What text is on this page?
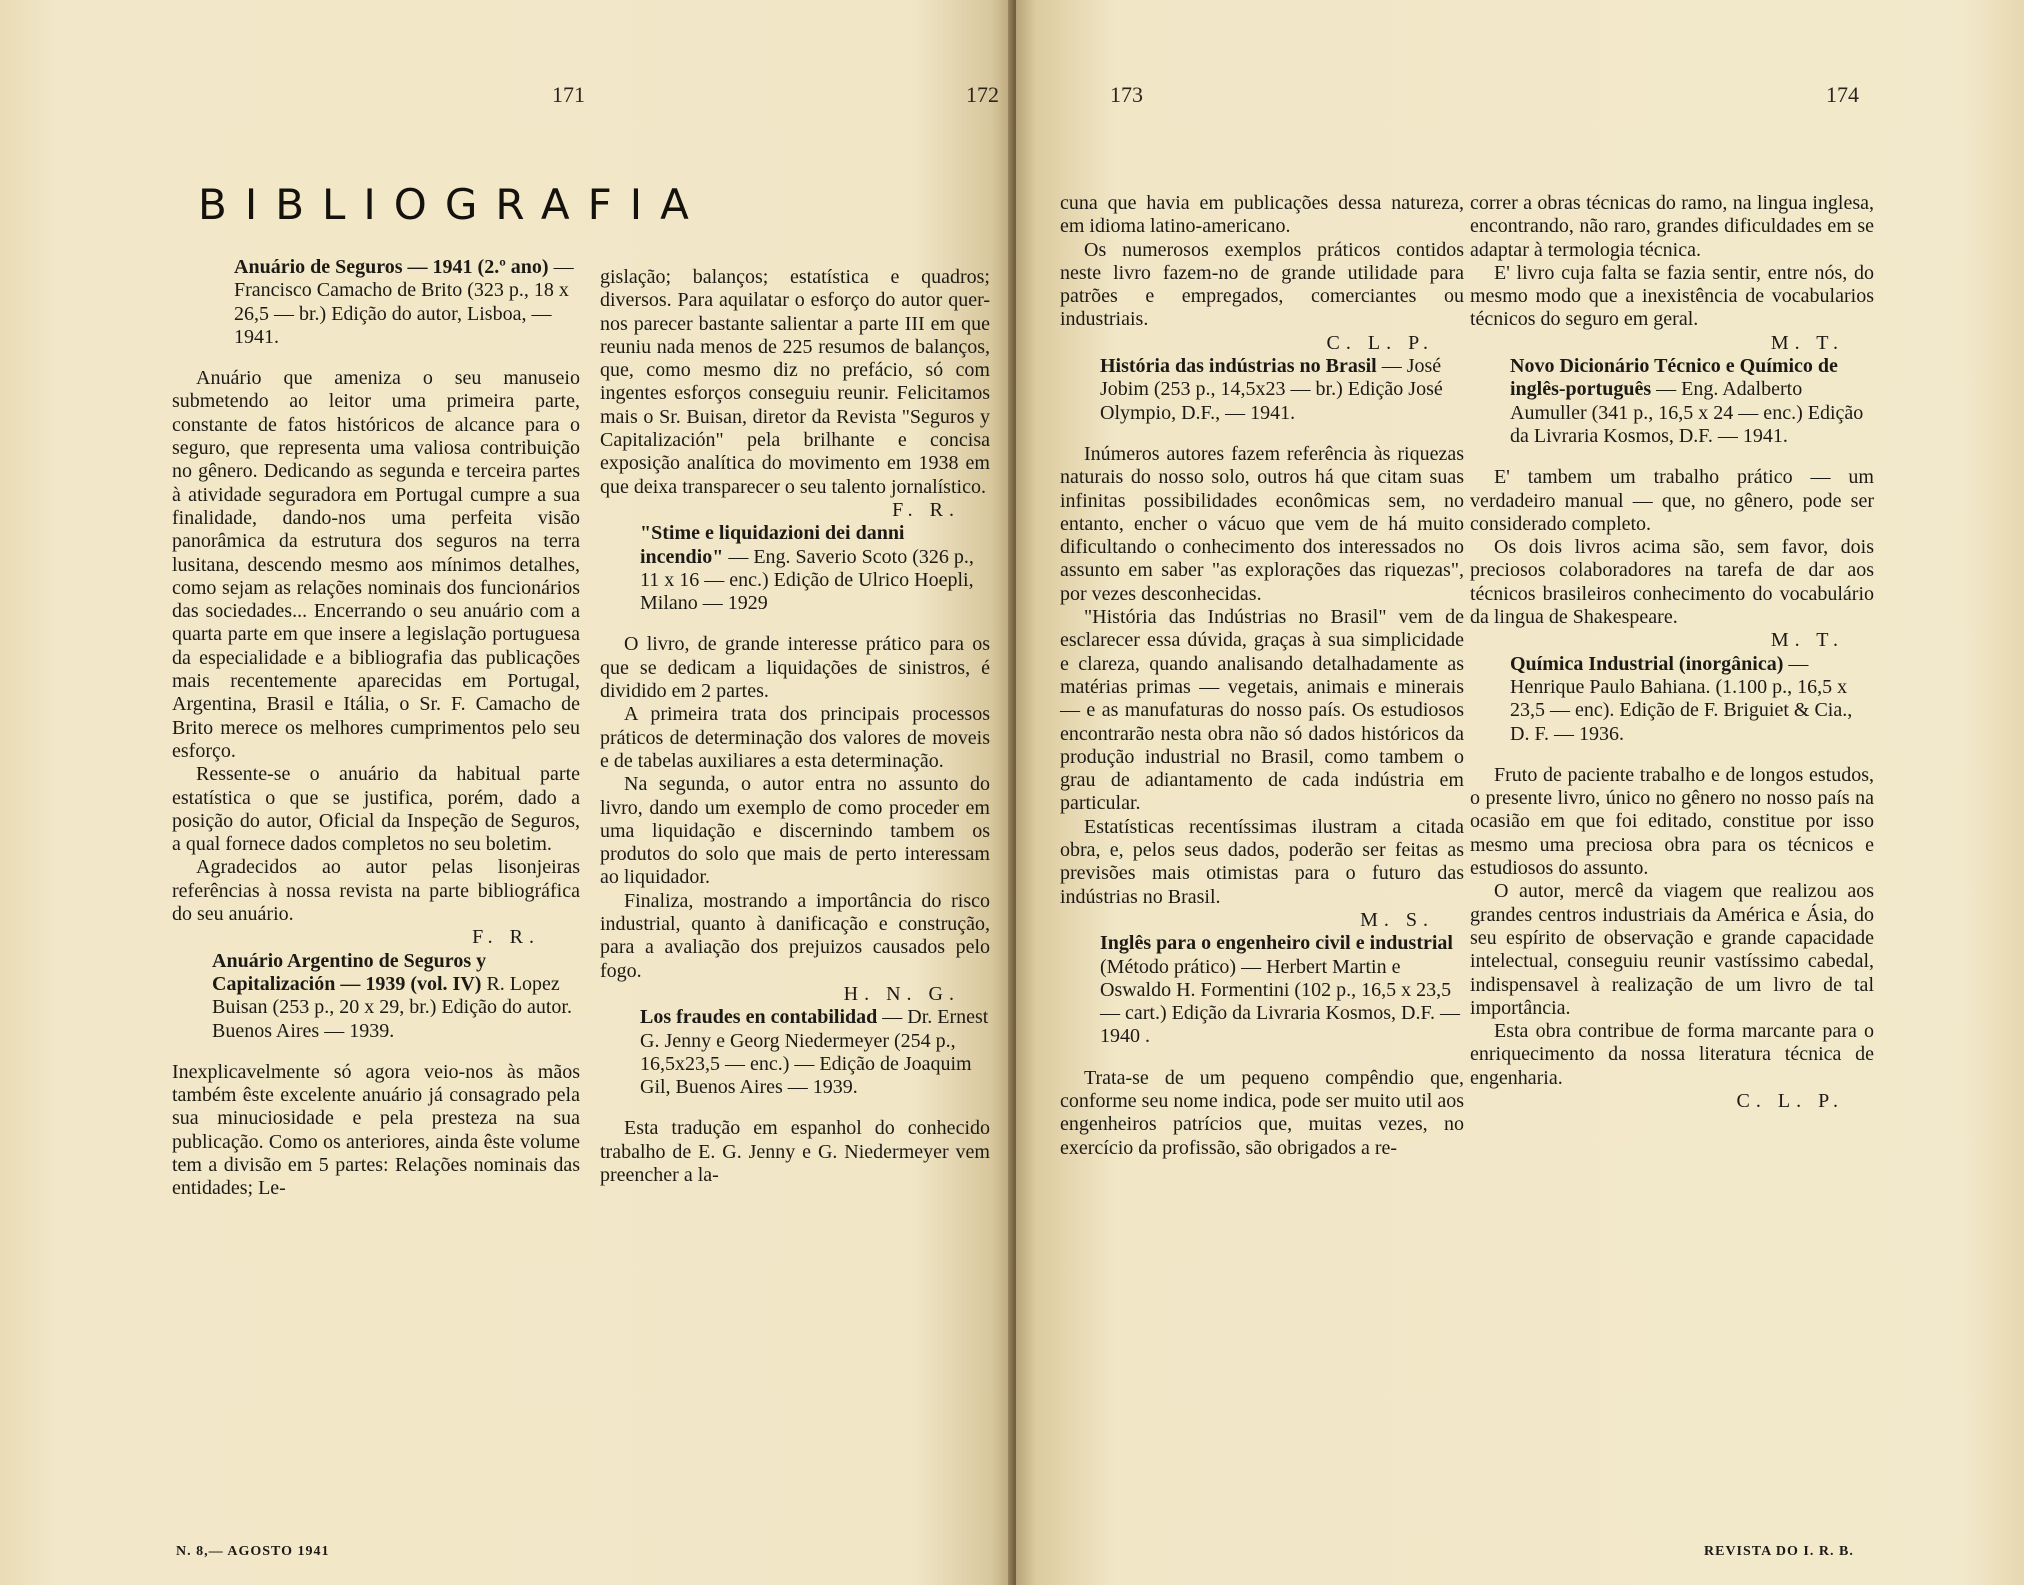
171	172
BIBLIOGRAFIA
Anuário de Seguros — 1941 (2.º ano) — Francisco Camacho de Brito (323 p., 18 x 26,5 — br.) Edição do autor, Lisboa, — 1941.

Anuário que ameniza o seu manuseio submetendo ao leitor uma primeira parte, constante de fatos históricos de alcance para o seguro, que representa uma valiosa contribuição no gênero. Dedicando as segunda e terceira partes à atividade seguradora em Portugal cumpre a sua finalidade, dando-nos uma perfeita visão panorâmica da estrutura dos seguros na terra lusitana, descendo mesmo aos mínimos detalhes, como sejam as relações nominais dos funcionários das sociedades... Encerrando o seu anuário com a quarta parte em que insere a legislação portuguesa da especialidade e a bibliografia das publicações mais recentemente aparecidas em Portugal, Argentina, Brasil e Itália, o Sr. F. Camacho de Brito merece os melhores cumprimentos pelo seu esforço.

Ressente-se o anuário da habitual parte estatística o que se justifica, porém, dado a posição do autor, Oficial da Inspeção de Seguros, a qual fornece dados completos no seu boletim.

Agradecidos ao autor pelas lisonjeiras referências à nossa revista na parte bibliográfica do seu anuário.

F. R.

Anuário Argentino de Seguros y Capitalización — 1939 (vol. IV) R. Lopez Buisan (253 p., 20 x 29, br.) Edição do autor. Buenos Aires — 1939.

Inexplicavelmente só agora veio-nos às mãos também êste excelente anuário já consagrado pela sua minuciosidade e pela presteza na sua publicação. Como os anteriores, ainda êste volume tem a divisão em 5 partes: Relações nominais das entidades; Le-

gislação; balanços; estatística e quadros; diversos. Para aquilatar o esforço do autor quer-nos parecer bastante salientar a parte III em que reuniu nada menos de 225 resumos de balanços, que, como mesmo diz no prefácio, só com ingentes esforços conseguiu reunir. Felicitamos mais o Sr. Buisan, diretor da Revista "Seguros y Capitalización" pela brilhante e concisa exposição analítica do movimento em 1938 em que deixa transparecer o seu talento jornalístico.

F. R.

"Stime e liquidazioni dei danni incendio" — Eng. Saverio Scoto (326 p., 11 x 16 — enc.) Edição de Ulrico Hoepli, Milano — 1929

O livro, de grande interesse prático para os que se dedicam a liquidações de sinistros, é dividido em 2 partes.

A primeira trata dos principais processos práticos de determinação dos valores de moveis e de tabelas auxiliares a esta determinação.

Na segunda, o autor entra no assunto do livro, dando um exemplo de como proceder em uma liquidação e discernindo tambem os produtos do solo que mais de perto interessam ao liquidador.

Finaliza, mostrando a importância do risco industrial, quanto à danificação e construção, para a avaliação dos prejuizos causados pelo fogo.

H. N. G.

Los fraudes en contabilidad — Dr. Ernest G. Jenny e Georg Niedermeyer (254 p., 16,5x23,5 — enc.) — Edição de Joaquim Gil, Buenos Aires — 1939.

Esta tradução em espanhol do conhecido trabalho de E. G. Jenny e G. Niedermeyer vem preencher a la-

N. 8,— AGOSTO 1941
173	174

cuna que havia em publicações dessa natureza, em idioma latino-americano.

Os numerosos exemplos práticos contidos neste livro fazem-no de grande utilidade para patrões e empregados, comerciantes ou industriais.

C. L. P.

História das indústrias no Brasil — José Jobim (253 p., 14,5x23 — br.) Edição José Olympio, D.F., — 1941.

Inúmeros autores fazem referência às riquezas naturais do nosso solo, outros há que citam suas infinitas possibilidades econômicas sem, no entanto, encher o vácuo que vem de há muito dificultando o conhecimento dos interessados no assunto em saber "as explorações das riquezas", por vezes desconhecidas.

"História das Indústrias no Brasil" vem de esclarecer essa dúvida, graças à sua simplicidade e clareza, quando analisando detalhadamente as matérias primas — vegetais, animais e minerais — e as manufaturas do nosso país. Os estudiosos encontrarão nesta obra não só dados históricos da produção industrial no Brasil, como tambem o grau de adiantamento de cada indústria em particular.

Estatísticas recentíssimas ilustram a citada obra, e, pelos seus dados, poderão ser feitas as previsões mais otimistas para o futuro das indústrias no Brasil.

M. S.

Inglês para o engenheiro civil e industrial (Método prático) — Herbert Martin e Oswaldo H. Formentini (102 p., 16,5 x 23,5 — cart.) Edição da Livraria Kosmos, D.F. — 1940 .

Trata-se de um pequeno compêndio que, conforme seu nome indica, pode ser muito util aos engenheiros patrícios que, muitas vezes, no exercício da profissão, são obrigados a re-

correr a obras técnicas do ramo, na lingua inglesa, encontrando, não raro, grandes dificuldades em se adaptar à termologia técnica.

E' livro cuja falta se fazia sentir, entre nós, do mesmo modo que a inexistência de vocabularios técnicos do seguro em geral.

M. T.

Novo Dicionário Técnico e Químico de inglês-português — Eng. Adalberto Aumuller (341 p., 16,5 x 24 — enc.) Edição da Livraria Kosmos, D.F. — 1941.

E' tambem um trabalho prático — um verdadeiro manual — que, no gênero, pode ser considerado completo.

Os dois livros acima são, sem favor, dois preciosos colaboradores na tarefa de dar aos técnicos brasileiros conhecimento do vocabulário da lingua de Shakespeare.

M. T.

Química Industrial (inorgânica) — Henrique Paulo Bahiana. (1.100 p., 16,5 x 23,5 — enc). Edição de F. Briguiet & Cia., D. F. — 1936.

Fruto de paciente trabalho e de longos estudos, o presente livro, único no gênero no nosso país na ocasião em que foi editado, constitue por isso mesmo uma preciosa obra para os técnicos e estudiosos do assunto.

O autor, mercê da viagem que realizou aos grandes centros industriais da América e Ásia, do seu espírito de observação e grande capacidade intelectual, conseguiu reunir vastíssimo cabedal, indispensavel à realização de um livro de tal importância.

Esta obra contribue de forma marcante para o enriquecimento da nossa literatura técnica de engenharia.

C. L. P.

REVISTA DO I. R. B.
